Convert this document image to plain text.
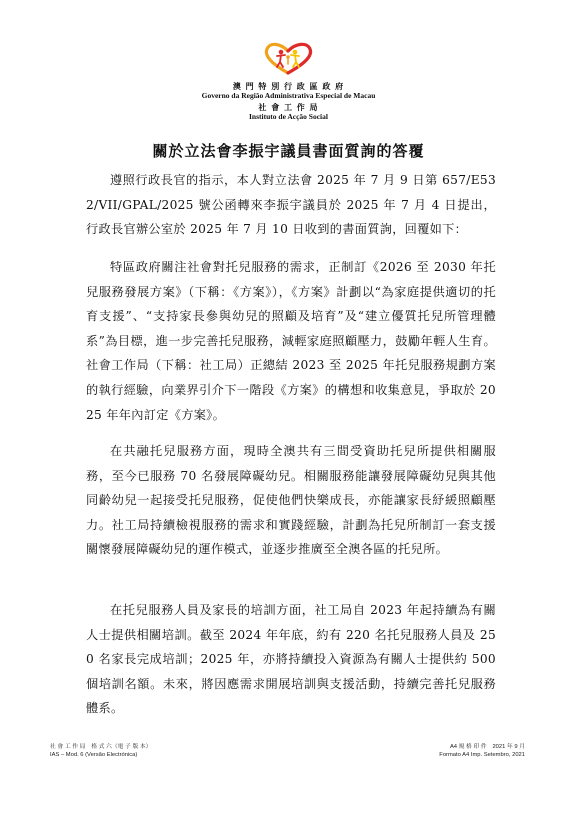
澳 門 特 別 行 政 區 政 府
Governo da Região Administrativa Especial de Macau
社 會 工 作 局
Instituto de Acção Social
關於立法會李振宇議員書面質詢的答覆

遵照行政長官的指示，本人對立法會 2025 年 7 月 9 日第 657/E532/VII/GPAL/2025 號公函轉來李振宇議員於 2025 年 7 月 4 日提出，行政長官辦公室於 2025 年 7 月 10 日收到的書面質詢，回覆如下：

特區政府關注社會對托兒服務的需求，正制訂《2026 至 2030 年托兒服務發展方案》（下稱：《方案》），《方案》計劃以“為家庭提供適切的托育支援”、“支持家長參與幼兒的照顧及培育”及“建立優質托兒所管理體系”為目標，進一步完善托兒服務，減輕家庭照顧壓力，鼓勵年輕人生育。社會工作局（下稱：社工局）正總結 2023 至 2025 年托兒服務規劃方案的執行經驗，向業界引介下一階段《方案》的構想和收集意見，爭取於 2025 年年內訂定《方案》。

在共融托兒服務方面，現時全澳共有三間受資助托兒所提供相關服務，至今已服務 70 名發展障礙幼兒。相關服務能讓發展障礙幼兒與其他同齡幼兒一起接受托兒服務，促使他們快樂成長，亦能讓家長紓緩照顧壓力。社工局持續檢視服務的需求和實踐經驗，計劃為托兒所制訂一套支援關懷發展障礙幼兒的運作模式，並逐步推廣至全澳各區的托兒所。

在托兒服務人員及家長的培訓方面，社工局自 2023 年起持續為有關人士提供相關培訓。截至 2024 年年底，約有 220 名托兒服務人員及 250 名家長完成培訓；2025 年，亦將持續投入資源為有關人士提供約 500 個培訓名額。未來，將因應需求開展培訓與支援活動，持續完善托兒服務體系。

社 會 工 作 局　格 式 六（電 子 版 本）
IAS – Mod. 6 (Versão Electrónica)
A4 規 格 印 件　2021 年 9 月
Formato A4 Imp. Setembro, 2021
